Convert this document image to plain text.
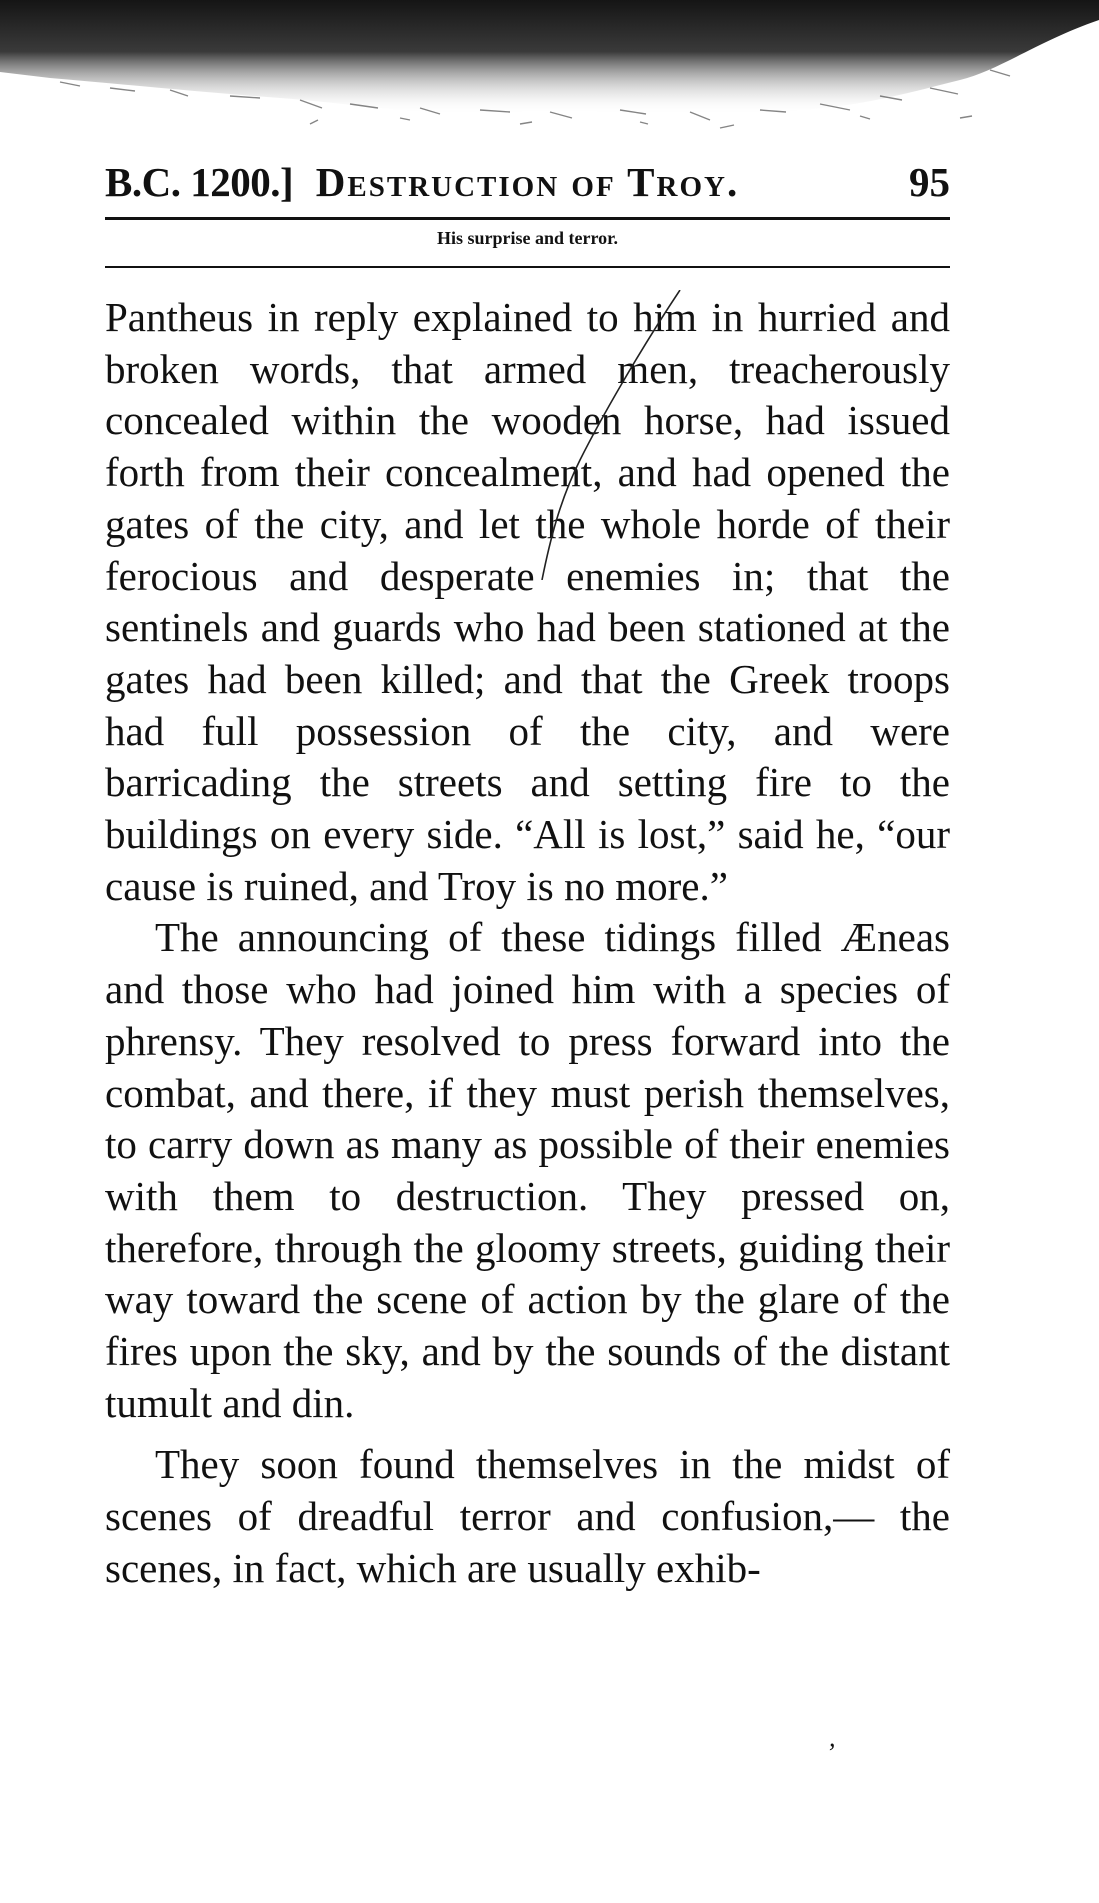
B.C. 1200.] Destruction of Troy.	95
His surprise and terror.

Pantheus in reply explained to him in hurried and broken words, that armed men, treacherously concealed within the wooden horse, had issued forth from their concealment, and had opened the gates of the city, and let the whole horde of their ferocious and desperate enemies in; that the sentinels and guards who had been stationed at the gates had been killed; and that the Greek troops had full possession of the city, and were barricading the streets and setting fire to the buildings on every side. “All is lost,” said he, “our cause is ruined, and Troy is no more.”

The announcing of these tidings filled Æneas and those who had joined him with a species of phrensy. They resolved to press forward into the combat, and there, if they must perish themselves, to carry down as many as possible of their enemies with them to destruction. They pressed on, therefore, through the gloomy streets, guiding their way toward the scene of action by the glare of the fires upon the sky, and by the sounds of the distant tumult and din.

They soon found themselves in the midst of scenes of dreadful terror and confusion,— the scenes, in fact, which are usually exhib-

’
